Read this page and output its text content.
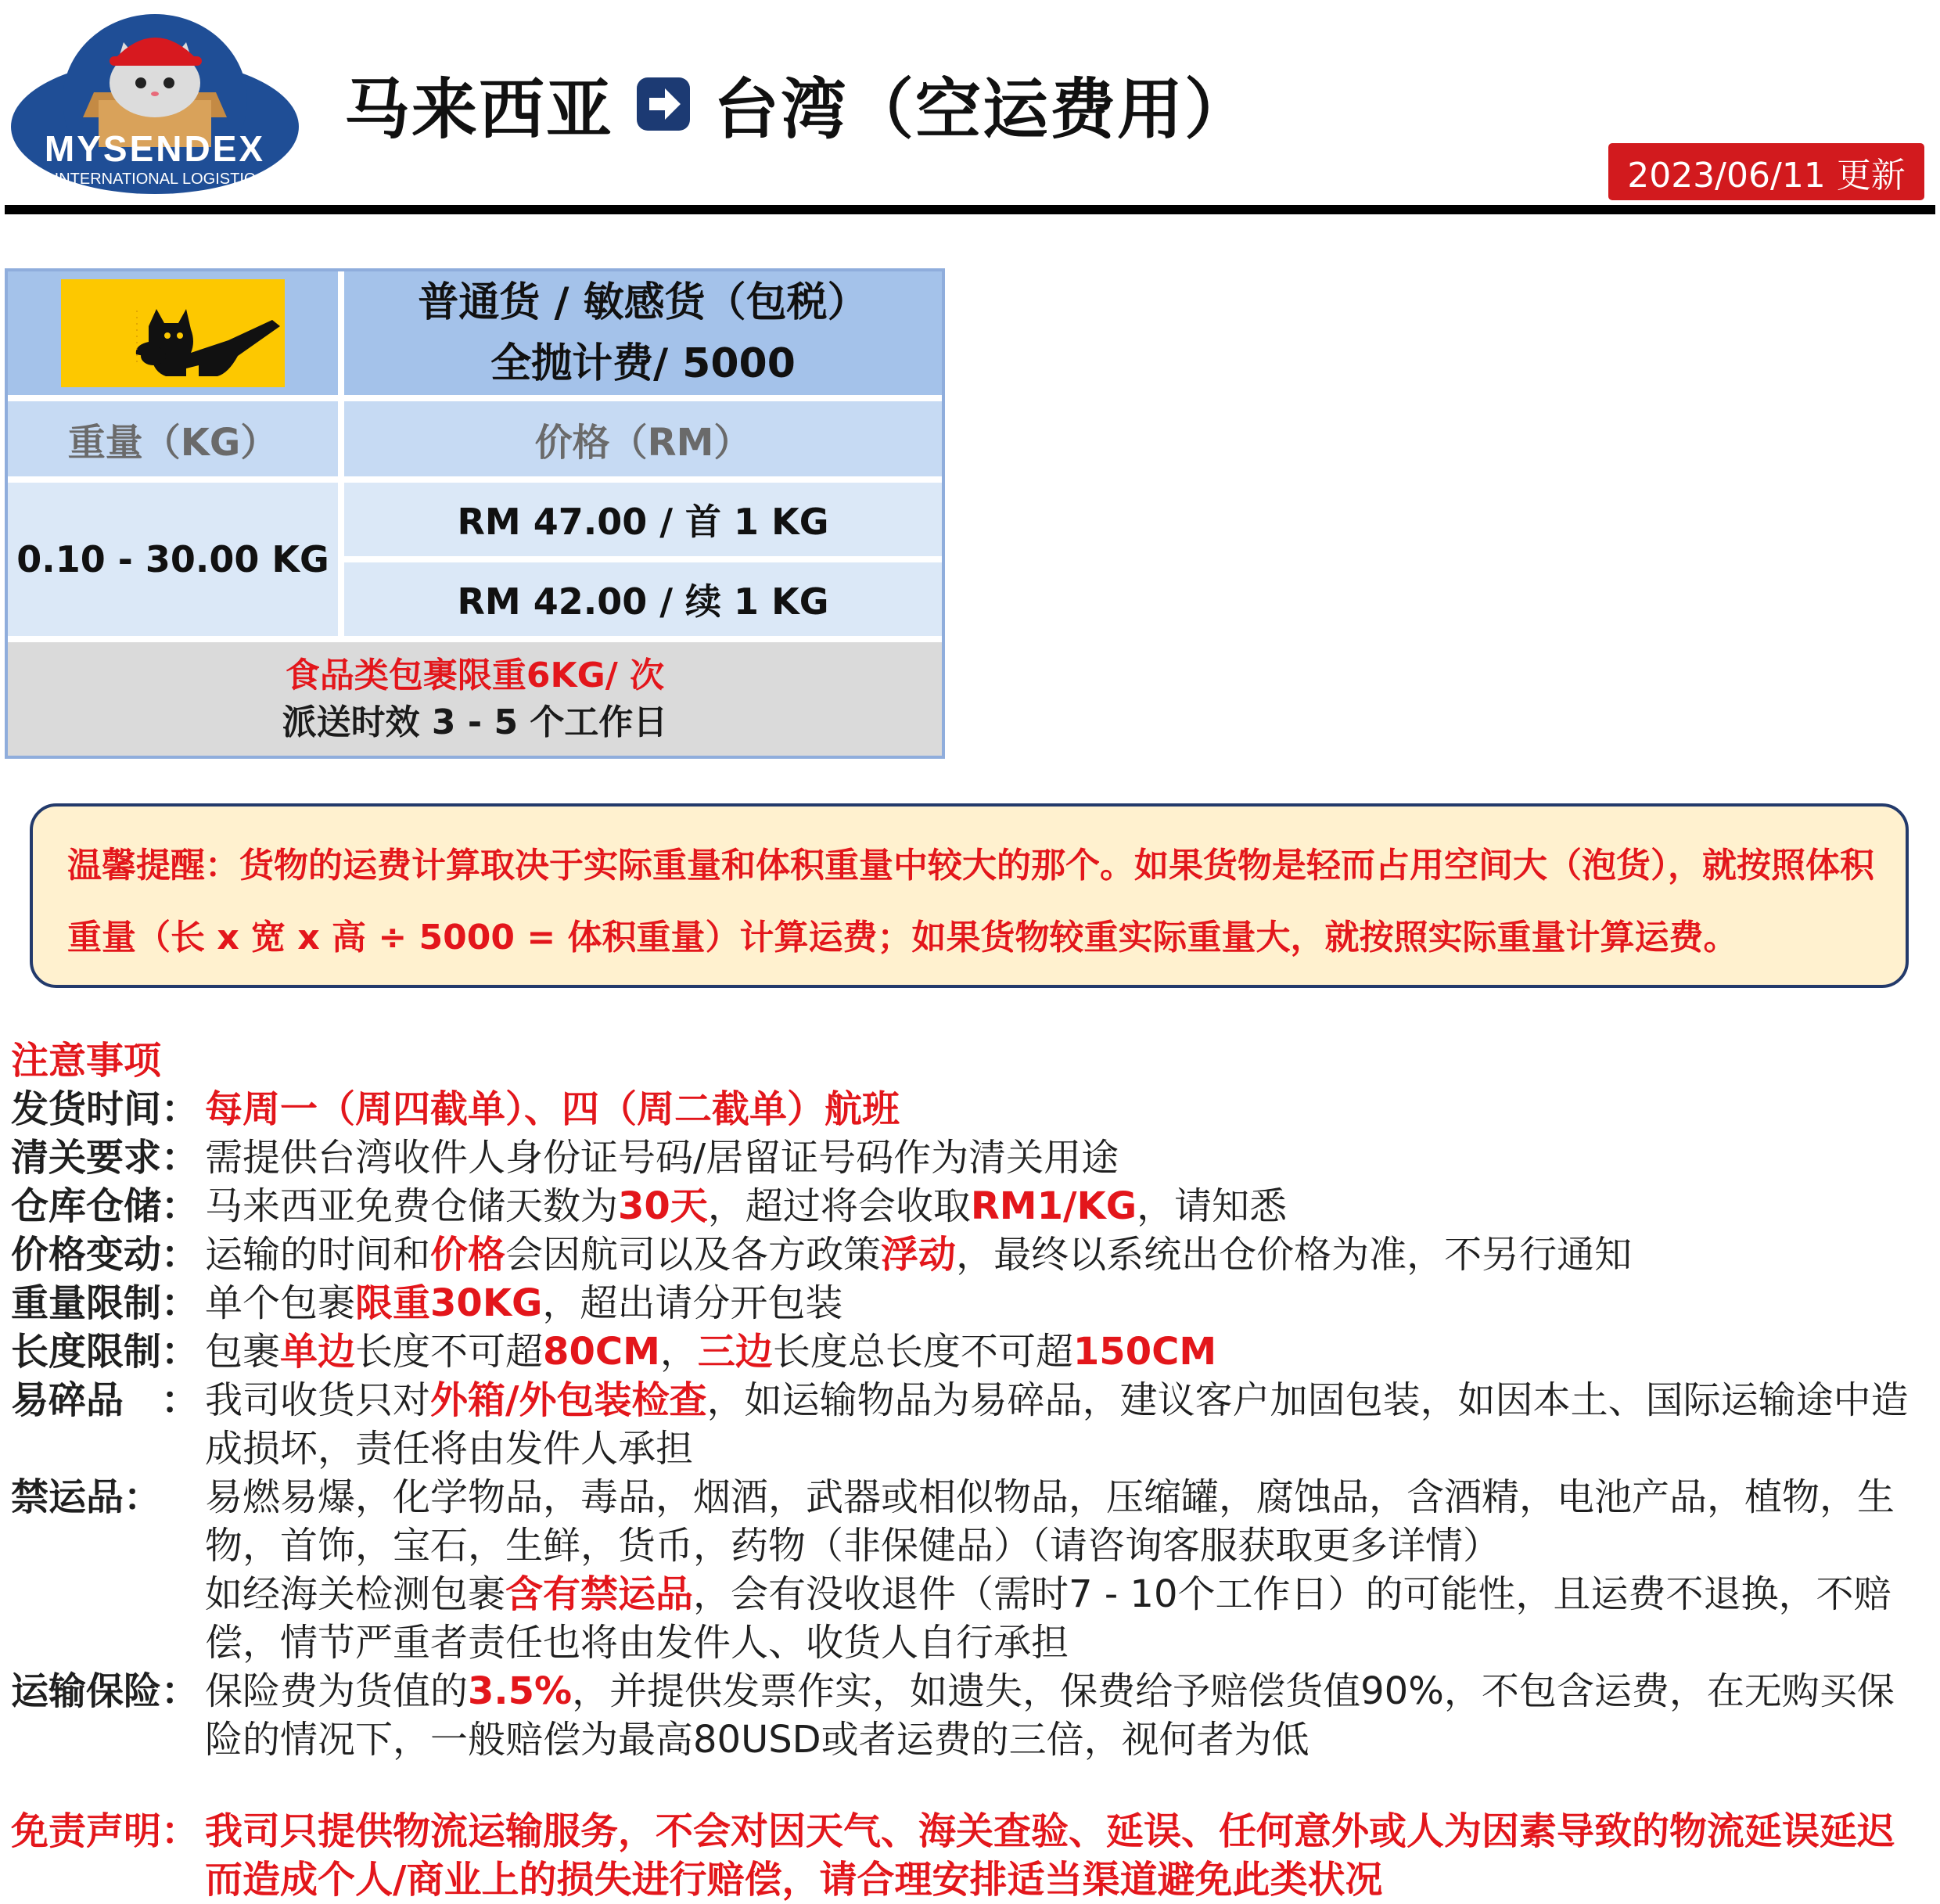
MYSENDEX
INTERNATIONAL LOGISTIC
马来西亚 台湾（空运费用）
2023/06/11 更新
普通货 / 敏感货（包税）
全抛计费/ 5000
重量（KG）	价格（RM）
0.10 - 30.00 KG
RM 47.00 / 首 1 KG
RM 42.00 / 续 1 KG
食品类包裹限重6KG/ 次
派送时效 3 - 5 个工作日
温馨提醒：货物的运费计算取决于实际重量和体积重量中较大的那个。如果货物是轻而占用空间大（泡货），就按照体积重量（长 x 宽 x 高 ÷ 5000 = 体积重量）计算运费；如果货物较重实际重量大，就按照实际重量计算运费。
注意事项
发货时间： 每周一（周四截单）、四（周二截单）航班
清关要求： 需提供台湾收件人身份证号码/居留证号码作为清关用途
仓库仓储： 马来西亚免费仓储天数为30天，超过将会收取RM1/KG，请知悉
价格变动： 运输的时间和价格会因航司以及各方政策浮动，最终以系统出仓价格为准，不另行通知
重量限制： 单个包裹限重30KG，超出请分开包装
长度限制： 包裹单边长度不可超80CM，三边长度总长度不可超150CM
易碎品　： 我司收货只对外箱/外包装检查，如运输物品为易碎品，建议客户加固包装，如因本土、国际运输途中造成损坏，责任将由发件人承担
禁运品：	易燃易爆，化学物品，毒品，烟酒，武器或相似物品，压缩罐，腐蚀品，含酒精，电池产品，植物，生物，首饰，宝石，生鲜，货币，药物（非保健品）（请咨询客服获取更多详情）
如经海关检测包裹含有禁运品，会有没收退件（需时7 - 10个工作日）的可能性，且运费不退换，不赔偿，情节严重者责任也将由发件人、收货人自行承担
运输保险： 保险费为货值的3.5%，并提供发票作实，如遗失，保费给予赔偿货值90%，不包含运费，在无购买保险的情况下，一般赔偿为最高80USD或者运费的三倍，视何者为低
免责声明： 我司只提供物流运输服务，不会对因天气、海关查验、延误、任何意外或人为因素导致的物流延误延迟而造成个人/商业上的损失进行赔偿，请合理安排适当渠道避免此类状况
